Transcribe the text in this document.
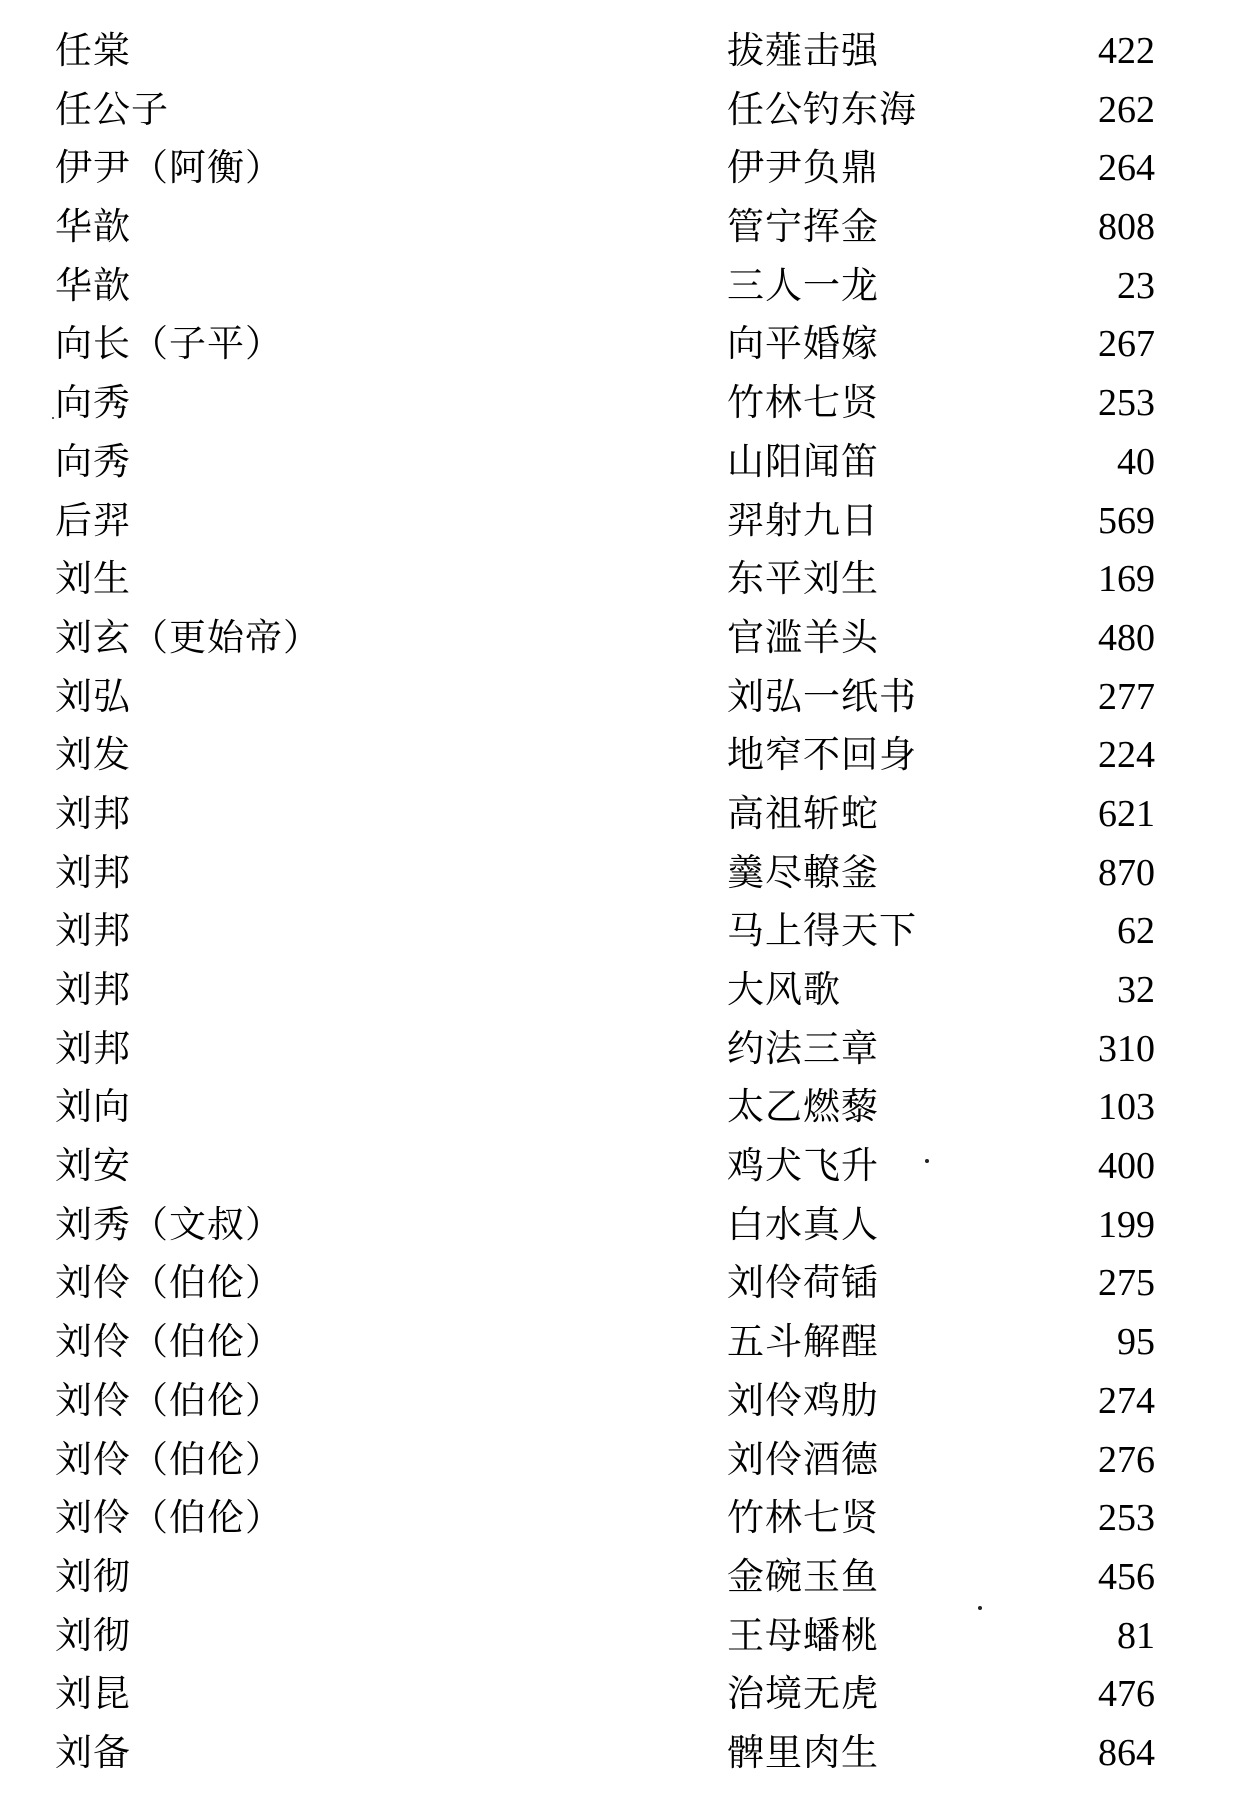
任棠	拔薤击强	422
任公子	任公钓东海	262
伊尹（阿衡）	伊尹负鼎	264
华歆	管宁挥金	808
华歆	三人一龙	23
向长（子平）	向平婚嫁	267
向秀	竹林七贤	253
向秀	山阳闻笛	40
后羿	羿射九日	569
刘生	东平刘生	169
刘玄（更始帝）	官滥羊头	480
刘弘	刘弘一纸书	277
刘发	地窄不回身	224
刘邦	高祖斩蛇	621
刘邦	羹尽轑釜	870
刘邦	马上得天下	62
刘邦	大风歌	32
刘邦	约法三章	310
刘向	太乙燃藜	103
刘安	鸡犬飞升	400
刘秀（文叔）	白水真人	199
刘伶（伯伦）	刘伶荷锸	275
刘伶（伯伦）	五斗解酲	95
刘伶（伯伦）	刘伶鸡肋	274
刘伶（伯伦）	刘伶酒德	276
刘伶（伯伦）	竹林七贤	253
刘彻	金碗玉鱼	456
刘彻	王母蟠桃	81
刘昆	治境无虎	476
刘备	髀里肉生	864
